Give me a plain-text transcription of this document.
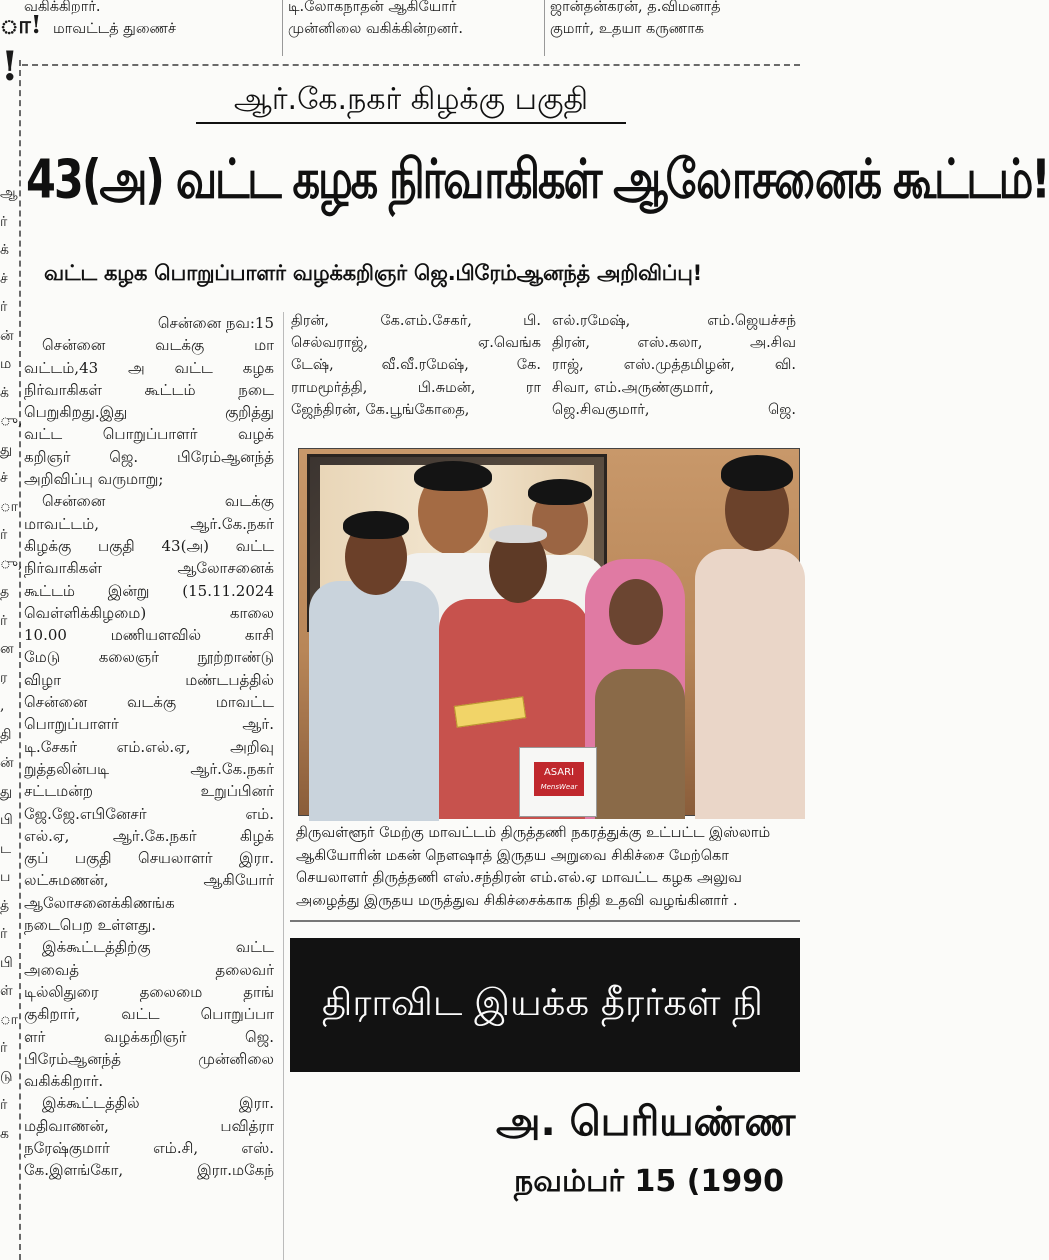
வகிக்கிறார்.
மாவட்டத் துணைச்
டி.லோகநாதன் ஆகியோர்
முன்னிலை வகிக்கின்றனர்.
ஜான்தன்கரன், த.விமனாத்
குமார், உதயா கருணாக
ா!
!
ஆ
ர்
க்
ச்
ர்
ன்
ம
க்
ு,
து
ச்
ா
ர்
ு,
த
ர்
ன
ர
,
தி
ன்
து
பி
ட
ப
த்
ர்
பி
ள்
ா
ர்
டு
ர்
க
ஆர்.கே.நகர் கிழக்கு பகுதி
43(அ) வட்ட கழக நிர்வாகிகள் ஆலோசனைக் கூட்டம்!
வட்ட கழக பொறுப்பாளர் வழக்கறிஞர் ஜெ.பிரேம்ஆனந்த் அறிவிப்பு!
சென்னை நவ:15
சென்னை வடக்கு மா
வட்டம்,43 அ வட்ட கழக
நிர்வாகிகள் கூட்டம் நடை
பெறுகிறது.இது குறித்து
வட்ட பொறுப்பாளர் வழக்
கறிஞர் ஜெ. பிரேம்ஆனந்த்
அறிவிப்பு வருமாறு;
சென்னை வடக்கு
மாவட்டம், ஆர்.கே.நகர்
கிழக்கு பகுதி 43(அ) வட்ட
நிர்வாகிகள் ஆலோசனைக்
கூட்டம் இன்று (15.11.2024
வெள்ளிக்கிழமை) காலை
10.00 மணியளவில் காசி
மேடு கலைஞர் நூற்றாண்டு
விழா மண்டபத்தில்
சென்னை வடக்கு மாவட்ட
பொறுப்பாளர் ஆர்.
டி.சேகர் எம்.எல்.ஏ, அறிவு
றுத்தலின்படி ஆர்.கே.நகர்
சட்டமன்ற உறுப்பினர்
ஜே.ஜே.எபினேசர் எம்.
எல்.ஏ, ஆர்.கே.நகர் கிழக்
குப் பகுதி செயலாளர் இரா.
லட்சுமணன், ஆகியோர்
ஆலோசனைக்கிணங்க
நடைபெற உள்ளது.
இக்கூட்டத்திற்கு வட்ட
அவைத் தலைவர்
டில்லிதுரை தலைமை தாங்
குகிறார், வட்ட பொறுப்பா
ளர் வழக்கறிஞர் ஜெ.
பிரேம்ஆனந்த் முன்னிலை
வகிக்கிறார்.
இக்கூட்டத்தில் இரா.
மதிவாணன், பவித்ரா
நரேஷ்குமார் எம்.சி, எஸ்.
கே.இளங்கோ, இரா.மகேந்
திரன், கே.எம்.சேகர், பி.
செல்வராஜ், ஏ.வெங்க
டேஷ், வீ.வீ.ரமேஷ், கே.
ராமமூர்த்தி, பி.சுமன், ரா
ஜேந்திரன், கே.பூங்கோதை,
எல்.ரமேஷ், எம்.ஜெயச்சந்
திரன், எஸ்.கலா, அ.சிவ
ராஜ், எஸ்.முத்தமிழன், வி.
சிவா, எம்.அருண்குமார்,
ஜெ.சிவகுமார், ஜெ.
ASARI
MensWear
திருவள்ளூர் மேற்கு மாவட்டம் திருத்தணி நகரத்துக்கு உட்பட்ட இஸ்லாம்
ஆகியோரின் மகன் நௌஷாத் இருதய அறுவை சிகிச்சை மேற்கொ
செயலாளர் திருத்தணி எஸ்.சந்திரன் எம்.எல்.ஏ மாவட்ட கழக அலுவ
அழைத்து இருதய மருத்துவ சிகிச்சைக்காக நிதி உதவி வழங்கினார் .
திராவிட இயக்க தீரர்கள் நி
அ. பெரியண்ண
நவம்பர் 15 (1990
